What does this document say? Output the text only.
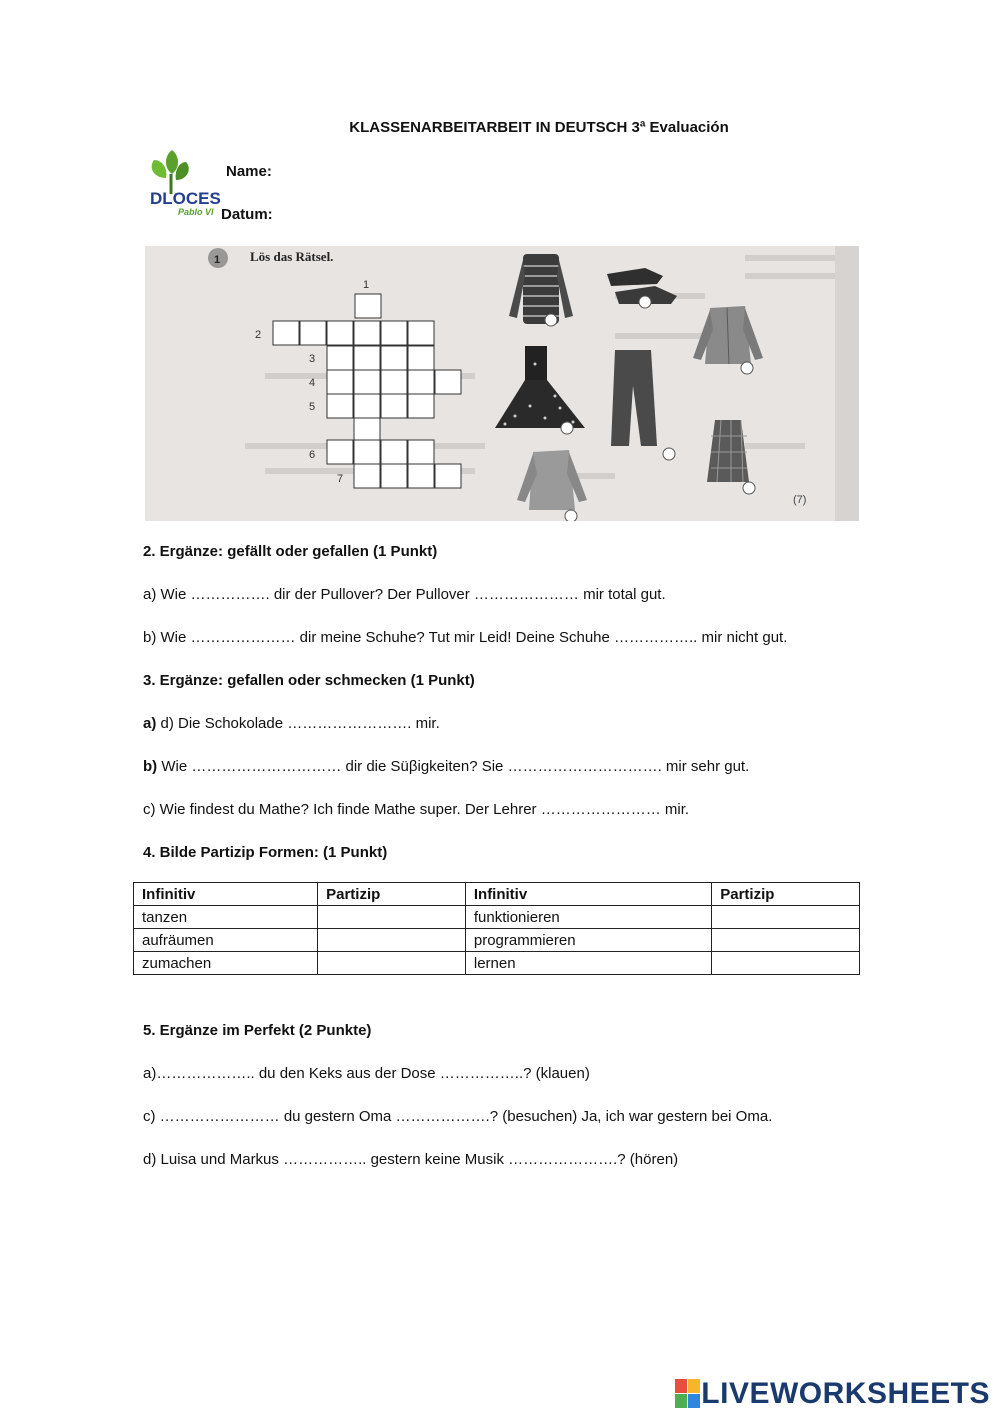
KLASSENARBEITARBEIT IN DEUTSCH 3ª Evaluación
DLOCES
Pablo VI
Name:
Datum:
1 Lös das Rätsel.
1
2
3
4
5
6
7
(7)
2. Ergänze: gefällt oder gefallen (1 Punkt)
a) Wie ……………. dir der Pullover? Der Pullover ………………… mir total gut.
b) Wie ………………… dir meine Schuhe? Tut mir Leid! Deine Schuhe …………….. mir nicht gut.
3. Ergänze: gefallen oder schmecken (1 Punkt)
a) d) Die Schokolade ……………………. mir.
b) Wie ………………………… dir die Süβigkeiten? Sie …………………………. mir sehr gut.
c) Wie findest du Mathe? Ich finde Mathe super. Der Lehrer …………………… mir.
4. Bilde Partizip Formen: (1 Punkt)
Infinitiv	Partizip	Infinitiv	Partizip
tanzen		funktionieren	
aufräumen		programmieren	
zumachen		lernen	
5. Ergänze im Perfekt (2 Punkte)
a)……………….. du den Keks aus der Dose ……………..? (klauen)
c) …………………… du gestern Oma ……………….? (besuchen) Ja, ich war gestern bei Oma.
d) Luisa und Markus …………….. gestern keine Musik ………………….? (hören)
LIVEWORKSHEETS
